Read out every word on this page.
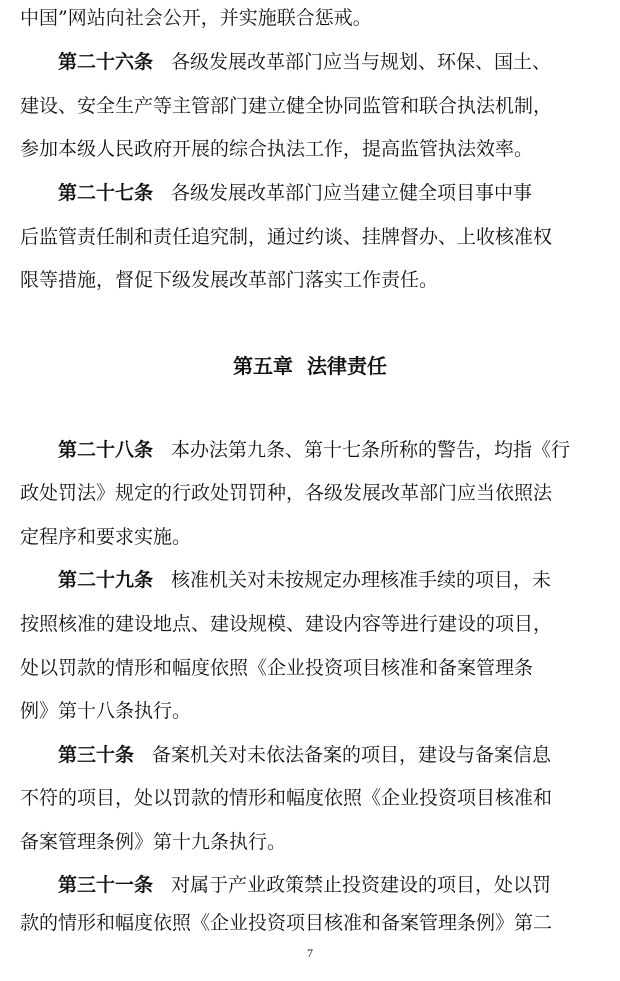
中国”网站向社会公开，并实施联合惩戒。
第二十六条 各级发展改革部门应当与规划、环保、国土、
建设、安全生产等主管部门建立健全协同监管和联合执法机制，
参加本级人民政府开展的综合执法工作，提高监管执法效率。
第二十七条 各级发展改革部门应当建立健全项目事中事
后监管责任制和责任追究制，通过约谈、挂牌督办、上收核准权
限等措施，督促下级发展改革部门落实工作责任。
第五章 法律责任
第二十八条 本办法第九条、第十七条所称的警告，均指《行
政处罚法》规定的行政处罚罚种，各级发展改革部门应当依照法
定程序和要求实施。
第二十九条 核准机关对未按规定办理核准手续的项目，未
按照核准的建设地点、建设规模、建设内容等进行建设的项目，
处以罚款的情形和幅度依照《企业投资项目核准和备案管理条
例》第十八条执行。
第三十条 备案机关对未依法备案的项目，建设与备案信息
不符的项目，处以罚款的情形和幅度依照《企业投资项目核准和
备案管理条例》第十九条执行。
第三十一条 对属于产业政策禁止投资建设的项目，处以罚
款的情形和幅度依照《企业投资项目核准和备案管理条例》第二
7
